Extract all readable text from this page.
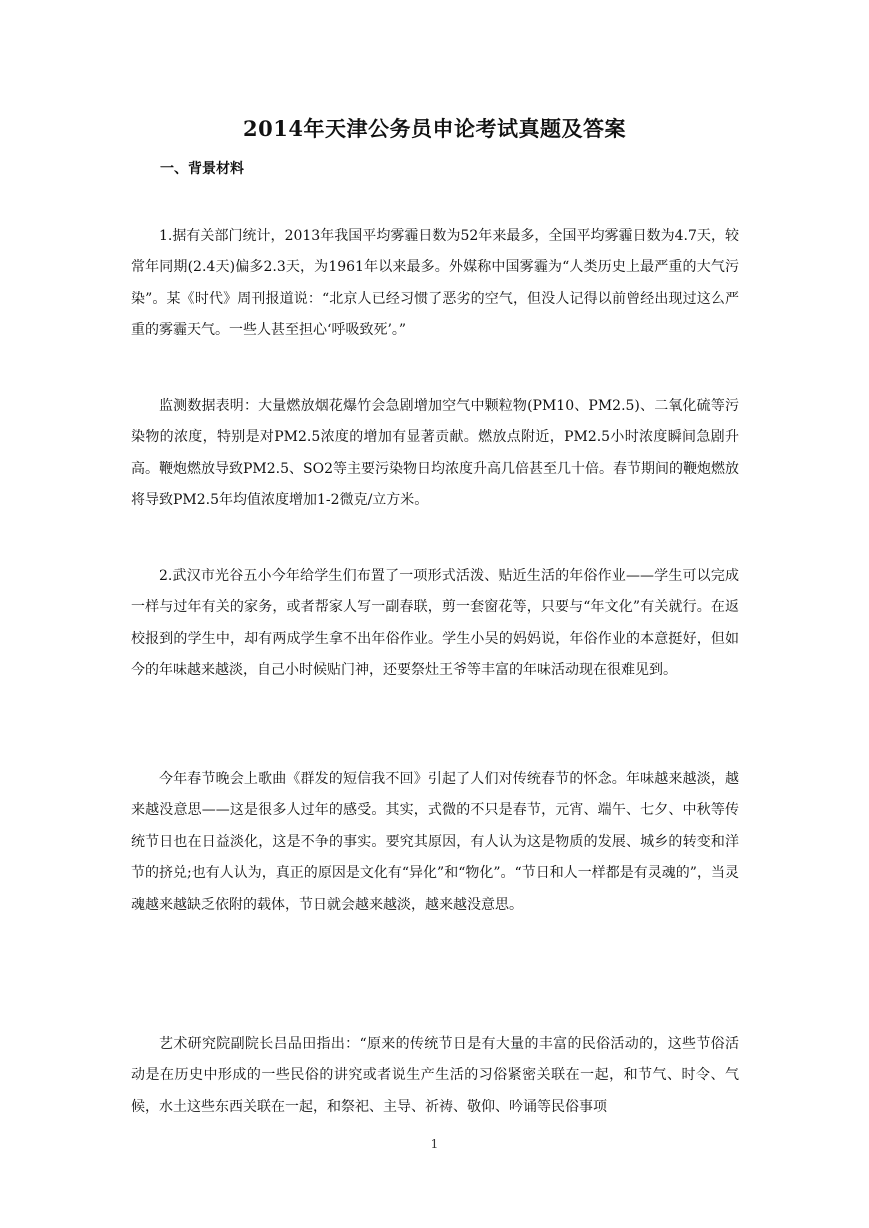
2014年天津公务员申论考试真题及答案
一、背景材料

1.据有关部门统计，2013年我国平均雾霾日数为52年来最多，全国平均雾霾日数为4.7天，较常年同期(2.4天)偏多2.3天，为1961年以来最多。外媒称中国雾霾为“人类历史上最严重的大气污染”。某《时代》周刊报道说：“北京人已经习惯了恶劣的空气，但没人记得以前曾经出现过这么严重的雾霾天气。一些人甚至担心‘呼吸致死’。”

监测数据表明：大量燃放烟花爆竹会急剧增加空气中颗粒物(PM10、PM2.5)、二氧化硫等污染物的浓度，特别是对PM2.5浓度的增加有显著贡献。燃放点附近，PM2.5小时浓度瞬间急剧升高。鞭炮燃放导致PM2.5、SO2等主要污染物日均浓度升高几倍甚至几十倍。春节期间的鞭炮燃放将导致PM2.5年均值浓度增加1-2微克/立方米。

2.武汉市光谷五小今年给学生们布置了一项形式活泼、贴近生活的年俗作业——学生可以完成一样与过年有关的家务，或者帮家人写一副春联，剪一套窗花等，只要与“年文化”有关就行。在返校报到的学生中，却有两成学生拿不出年俗作业。学生小吴的妈妈说，年俗作业的本意挺好，但如今的年味越来越淡，自己小时候贴门神，还要祭灶王爷等丰富的年味活动现在很难见到。

今年春节晚会上歌曲《群发的短信我不回》引起了人们对传统春节的怀念。年味越来越淡，越来越没意思——这是很多人过年的感受。其实，式微的不只是春节，元宵、端午、七夕、中秋等传统节日也在日益淡化，这是不争的事实。要究其原因，有人认为这是物质的发展、城乡的转变和洋节的挤兑;也有人认为，真正的原因是文化有“异化”和“物化”。“节日和人一样都是有灵魂的”，当灵魂越来越缺乏依附的载体，节日就会越来越淡，越来越没意思。

艺术研究院副院长吕品田指出：“原来的传统节日是有大量的丰富的民俗活动的，这些节俗活动是在历史中形成的一些民俗的讲究或者说生产生活的习俗紧密关联在一起，和节气、时令、气候，水土这些东西关联在一起，和祭祀、主导、祈祷、敬仰、吟诵等民俗事项

1
